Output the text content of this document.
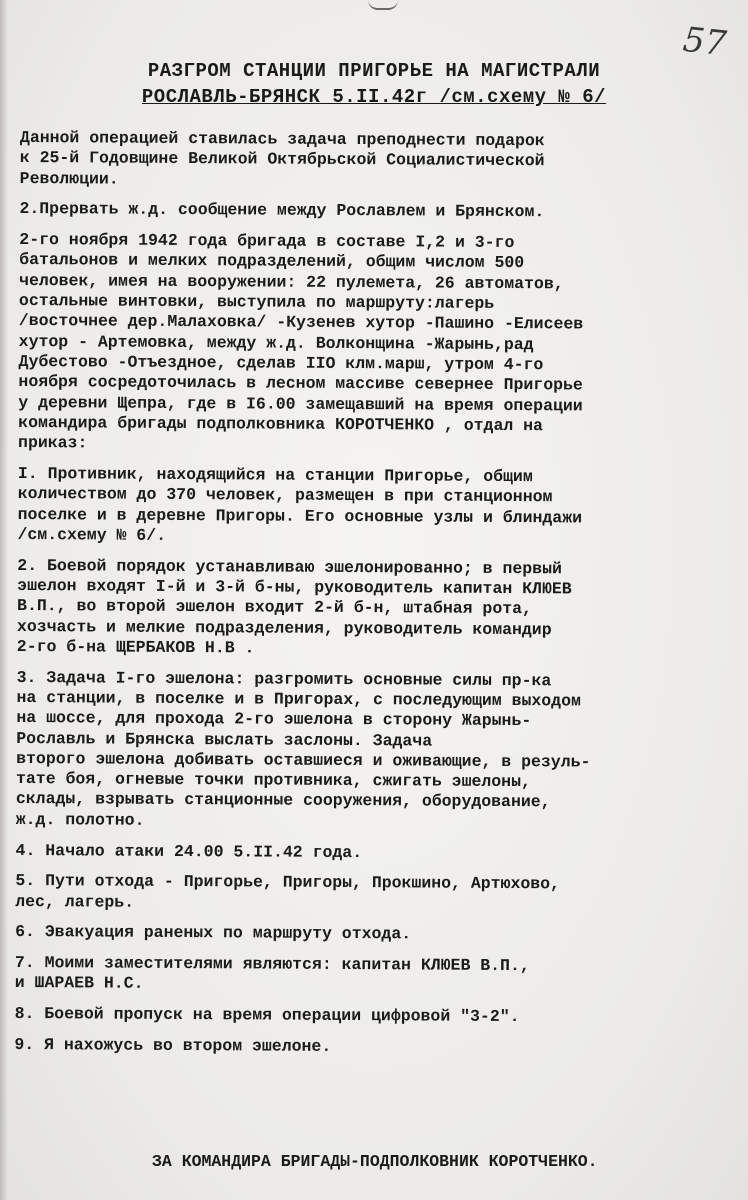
57
РАЗГРОМ СТАНЦИИ ПРИГОРЬЕ НА МАГИСТРАЛИ
РОСЛАВЛЬ-БРЯНСК 5.II.42г /см.схему № 6/
Данной операцией ставилась задача преподнести подарок
к 25-й Годовщине Великой Октябрьской Социалистической
Революции.
2.Прервать ж.д. сообщение между Рославлем и Брянском.
2-го ноября 1942 года бригада в составе I,2 и 3-го
батальонов и мелких подразделений, общим числом 500
человек, имея на вооружении: 22 пулемета, 26 автоматов,
остальные винтовки, выступила по маршруту:лагерь
/восточнее дер.Малаховка/ -Кузенев хутор -Пашино -Елисеев
хутор - Артемовка, между ж.д. Волконщина -Жарынь,рад
Дубестово -Отъездное, сделав IIO клм.марш, утром 4-го
ноября сосредоточилась в лесном массиве севернее Пригорье
у деревни Щепра, где в I6.00 замещавший на время операции
командира бригады подполковника КОРОТЧЕНКО , отдал на
приказ:
I. Противник, находящийся на станции Пригорье, общим
количеством до 370 человек, размещен в при станционном
поселке и в деревне Пригоры. Его основные узлы и блиндажи
/см.схему № 6/.
2. Боевой порядок устанавливаю эшелонированно; в первый
эшелон входят I-й и 3-й б-ны, руководитель капитан КЛЮЕВ
В.П., во второй эшелон входит 2-й б-н, штабная рота,
хозчасть и мелкие подразделения, руководитель командир
2-го б-на ЩЕРБАКОВ Н.В .
3. Задача I-го эшелона: разгромить основные силы пр-ка
на станции, в поселке и в Пригорах, с последующим выходом
на шоссе, для прохода 2-го эшелона в сторону Жарынь-
Рославль и Брянска выслать заслоны. Задача
второго эшелона добивать оставшиеся и оживающие, в резуль-
тате боя, огневые точки противника, сжигать эшелоны,
склады, взрывать станционные сооружения, оборудование,
ж.д. полотно.
4. Начало атаки 24.00 5.II.42 года.
5. Пути отхода - Пригорье, Пригоры, Прокшино, Артюхово,
лес, лагерь.
6. Эвакуация раненых по маршруту отхода.
7. Моими заместителями являются: капитан КЛЮЕВ В.П.,
и ШАРАЕВ Н.С.
8. Боевой пропуск на время операции цифровой "3-2".
9. Я нахожусь во втором эшелоне.
ЗА КОМАНДИРА БРИГАДЫ-ПОДПОЛКОВНИК КОРОТЧЕНКО.
